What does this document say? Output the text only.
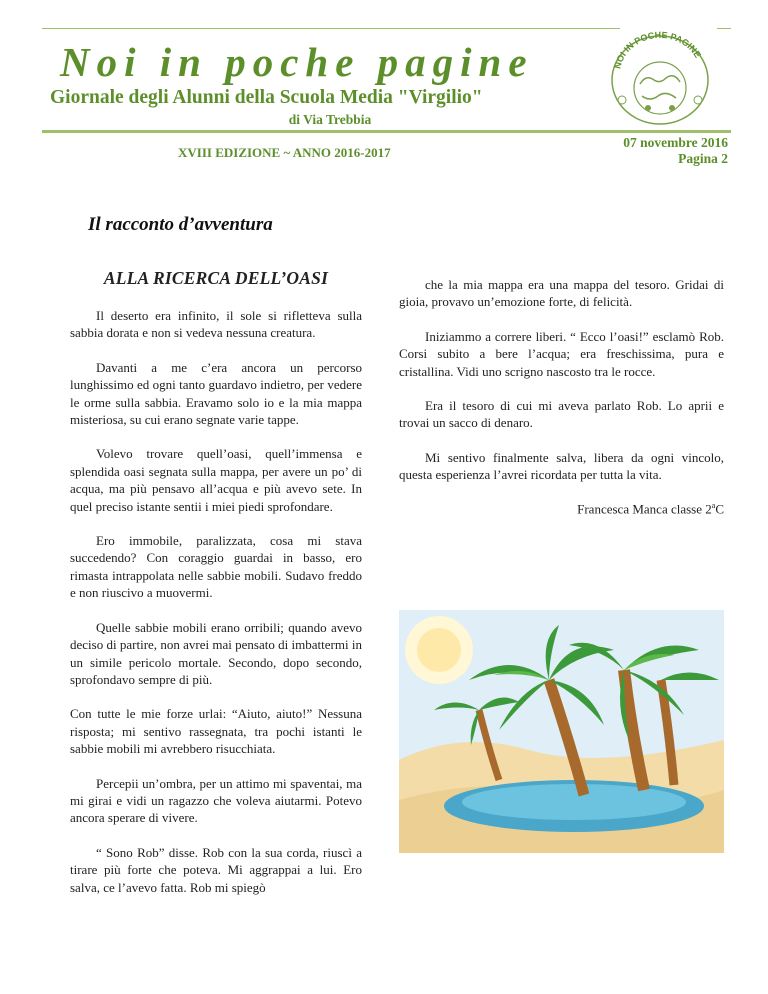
Noi in poche pagine
Giornale degli Alunni della Scuola Media "Virgilio"
di Via Trebbia
NOI IN POCHE PAGINE
XVIII EDIZIONE ~ ANNO 2016-2017
07 novembre 2016
Pagina 2
Il racconto d’avventura
ALLA RICERCA DELL’OASI

Il deserto era infinito, il sole si rifletteva sulla sabbia dorata e non si vedeva nessuna creatura.

Davanti a me c’era ancora un percorso lunghissimo ed ogni tanto guardavo indietro, per vedere le orme sulla sabbia. Eravamo solo io e la mia mappa misteriosa, su cui erano segnate varie tappe.

Volevo trovare quell’oasi, quell’immensa e splendida oasi segnata sulla mappa, per avere un po’ di acqua, ma più pensavo all’acqua e più avevo sete. In quel preciso istante sentii i miei piedi sprofondare.

Ero immobile, paralizzata, cosa mi stava succedendo? Con coraggio guardai in basso, ero rimasta intrappolata nelle sabbie mobili. Sudavo freddo e non riuscivo a muovermi.

Quelle sabbie mobili erano orribili; quando avevo deciso di partire, non avrei mai pensato di imbattermi in un simile pericolo mortale. Secondo, dopo secondo, sprofondavo sempre di più.

Con tutte le mie forze urlai: “Aiuto, aiuto!” Nessuna risposta; mi sentivo rassegnata, tra pochi istanti le sabbie mobili mi avrebbero risucchiata.

Percepii un’ombra, per un attimo mi spaventai, ma mi girai e vidi un ragazzo che voleva aiutarmi. Potevo ancora sperare di vivere.

“ Sono Rob” disse. Rob con la sua corda, riuscì a tirare più forte che poteva. Mi aggrappai a lui. Ero salva, ce l’avevo fatta. Rob mi spiegò

che la mia mappa era una mappa del tesoro. Gridai di gioia, provavo un’emozione forte, di felicità.

Iniziammo a correre liberi. “ Ecco l’oasi!” esclamò Rob. Corsi subito a bere l’acqua; era freschissima, pura e cristallina. Vidi uno scrigno nascosto tra le rocce.

Era il tesoro di cui mi aveva parlato Rob. Lo aprii e trovai un sacco di denaro.

Mi sentivo finalmente salva, libera da ogni vincolo, questa esperienza l’avrei ricordata per tutta la vita.

Francesca Manca classe 2$^a$C
